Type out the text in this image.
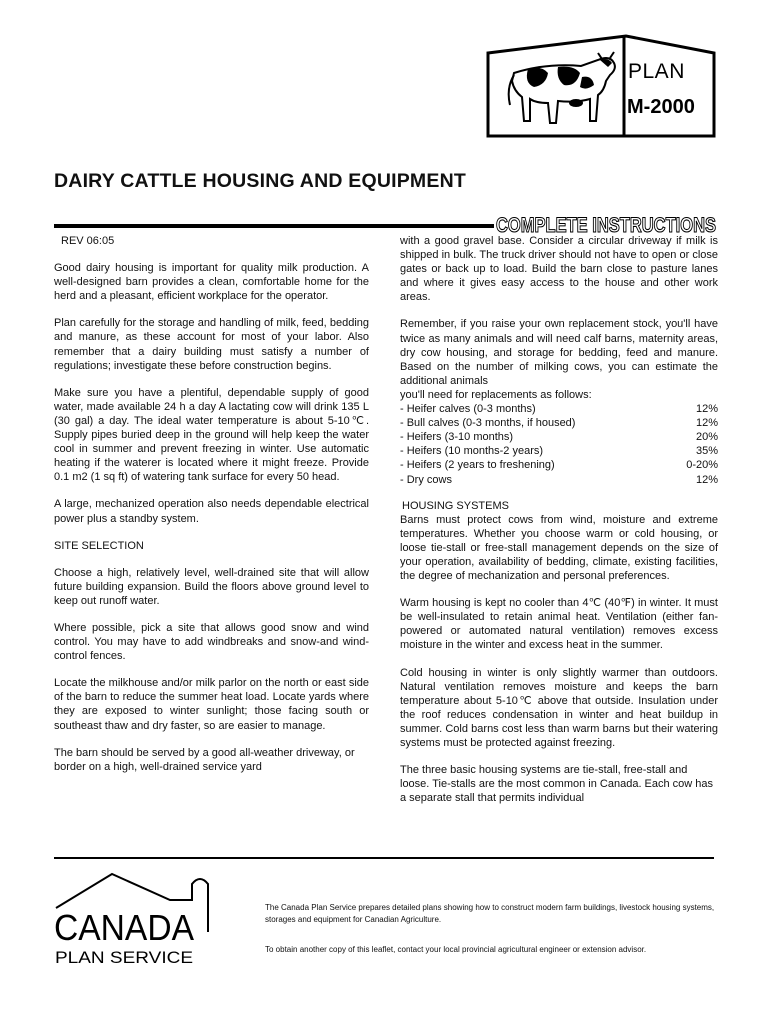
PLAN
M-2000
DAIRY CATTLE HOUSING AND EQUIPMENT
COMPLETE INSTRUCTIONS
REV 06:05

Good dairy housing is important for quality milk production. A well-designed barn provides a clean, comfortable home for the herd and a pleasant, efficient workplace for the operator.

Plan carefully for the storage and handling of milk, feed, bedding and manure, as these account for most of your labor. Also remember that a dairy building must satisfy a number of regulations; investigate these before construction begins.

Make sure you have a plentiful, dependable supply of good water, made available 24 h a day A lactating cow will drink 135 L (30 gal) a day. The ideal water temperature is about 5-10℃. Supply pipes buried deep in the ground will help keep the water cool in summer and prevent freezing in winter. Use automatic heating if the waterer is located where it might freeze. Provide 0.1 m2 (1 sq ft) of watering tank surface for every 50 head.

A large, mechanized operation also needs dependable electrical power plus a standby system.

SITE SELECTION

Choose a high, relatively level, well-drained site that will allow future building expansion. Build the floors above ground level to keep out runoff water.

Where possible, pick a site that allows good snow and wind control. You may have to add windbreaks and snow-and wind-control fences.

Locate the milkhouse and/or milk parlor on the north or east side of the barn to reduce the summer heat load. Locate yards where they are exposed to winter sunlight; those facing south or southeast thaw and dry faster, so are easier to manage.

The barn should be served by a good all-weather driveway, or border on a high, well-drained service yard

with a good gravel base. Consider a circular driveway if milk is shipped in bulk. The truck driver should not have to open or close gates or back up to load. Build the barn close to pasture lanes and where it gives easy access to the house and other work areas.

Remember, if you raise your own replacement stock, you'll have twice as many animals and will need calf barns, maternity areas, dry cow housing, and storage for bedding, feed and manure. Based on the number of milking cows, you can estimate the additional animals

you'll need for replacements as follows:
- Heifer calves (0-3 months)	12%
- Bull calves (0-3 months, if housed)	12%
- Heifers (3-10 months)	20%
- Heifers (10 months-2 years)	35%
- Heifers (2 years to freshening)	0-20%
- Dry cows	12%
HOUSING SYSTEMS

Barns must protect cows from wind, moisture and extreme temperatures. Whether you choose warm or cold housing, or loose tie-stall or free-stall management depends on the size of your operation, availability of bedding, climate, existing facilities, the degree of mechanization and personal preferences.

Warm housing is kept no cooler than 4℃ (40℉) in winter. It must be well-insulated to retain animal heat. Ventilation (either fan-powered or automated natural ventilation) removes excess moisture in the winter and excess heat in the summer.

Cold housing in winter is only slightly warmer than outdoors. Natural ventilation removes moisture and keeps the barn temperature about 5-10℃ above that outside. Insulation under the roof reduces condensation in winter and heat buildup in summer. Cold barns cost less than warm barns but their watering systems must be protected against freezing.

The three basic housing systems are tie-stall, free-stall and loose. Tie-stalls are the most common in Canada. Each cow has a separate stall that permits individual

CANADA
PLAN SERVICE
The Canada Plan Service prepares detailed plans showing how to construct modern farm buildings, livestock housing systems, storages and equipment for Canadian Agriculture.
To obtain another copy of this leaflet, contact your local provincial agricultural engineer or extension advisor.
